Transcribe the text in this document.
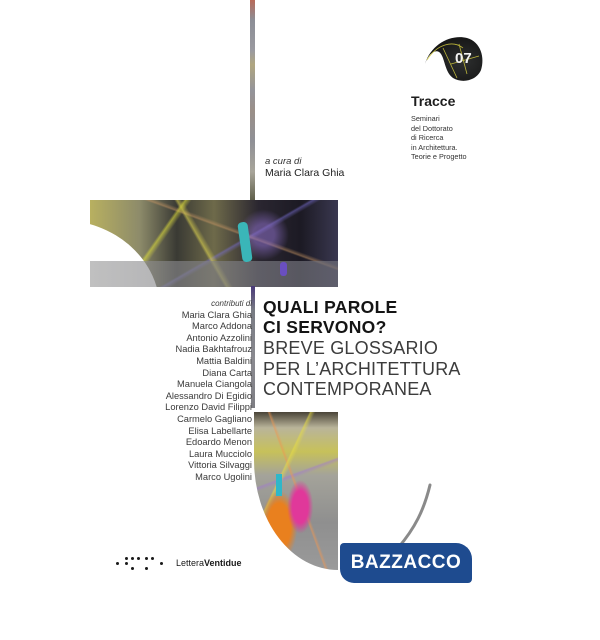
07
Tracce
Seminari
del Dottorato
di Ricerca
in Architettura.
Teorie e Progetto
a cura di
Maria Clara Ghia
contributi di
Maria Clara Ghia
Marco Addona
Antonio Azzolini
Nadia Bakhtafrouz
Mattia Baldini
Diana Carta
Manuela Ciangola
Alessandro Di Egidio
Lorenzo David Filippi
Carmelo Gagliano
Elisa Labellarte
Edoardo Menon
Laura Mucciolo
Vittoria Silvaggi
Marco Ugolini
QUALI PAROLE
CI SERVONO?
BREVE GLOSSARIO
PER L’ARCHITETTURA
CONTEMPORANEA
LetteraVentidue	BAZZACCO
